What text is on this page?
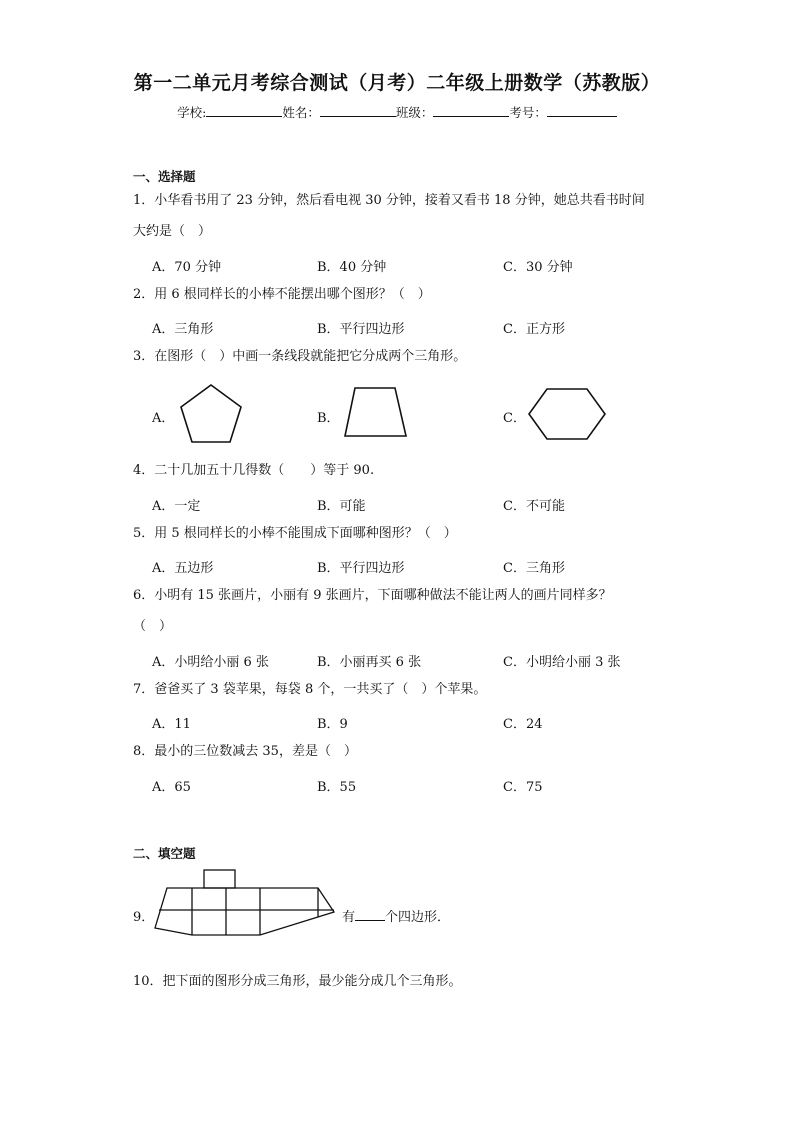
第一二单元月考综合测试（月考）二年级上册数学（苏教版）
学校:	姓名：	班级：	考号：
一、选择题
1．小华看书用了 23 分钟，然后看电视 30 分钟，接着又看书 18 分钟，她总共看书时间
大约是（　）
A．70 分钟	B．40 分钟	C．30 分钟
2．用 6 根同样长的小棒不能摆出哪个图形？（　）
A．三角形	B．平行四边形	C．正方形
3．在图形（　）中画一条线段就能把它分成两个三角形。
A．	B．	C．
4．二十几加五十几得数（　　）等于 90.
A．一定	B．可能	C．不可能
5．用 5 根同样长的小棒不能围成下面哪种图形？（　）
A．五边形	B．平行四边形	C．三角形
6．小明有 15 张画片，小丽有 9 张画片，下面哪种做法不能让两人的画片同样多？
（　）
A．小明给小丽 6 张	B．小丽再买 6 张	C．小明给小丽 3 张
7．爸爸买了 3 袋苹果，每袋 8 个，一共买了（　）个苹果。
A．11	B．9	C．24
8．最小的三位数减去 35，差是（　）
A．65	B．55	C．75
二、填空题
9．	有 个四边形．
10．把下面的图形分成三角形，最少能分成几个三角形。
